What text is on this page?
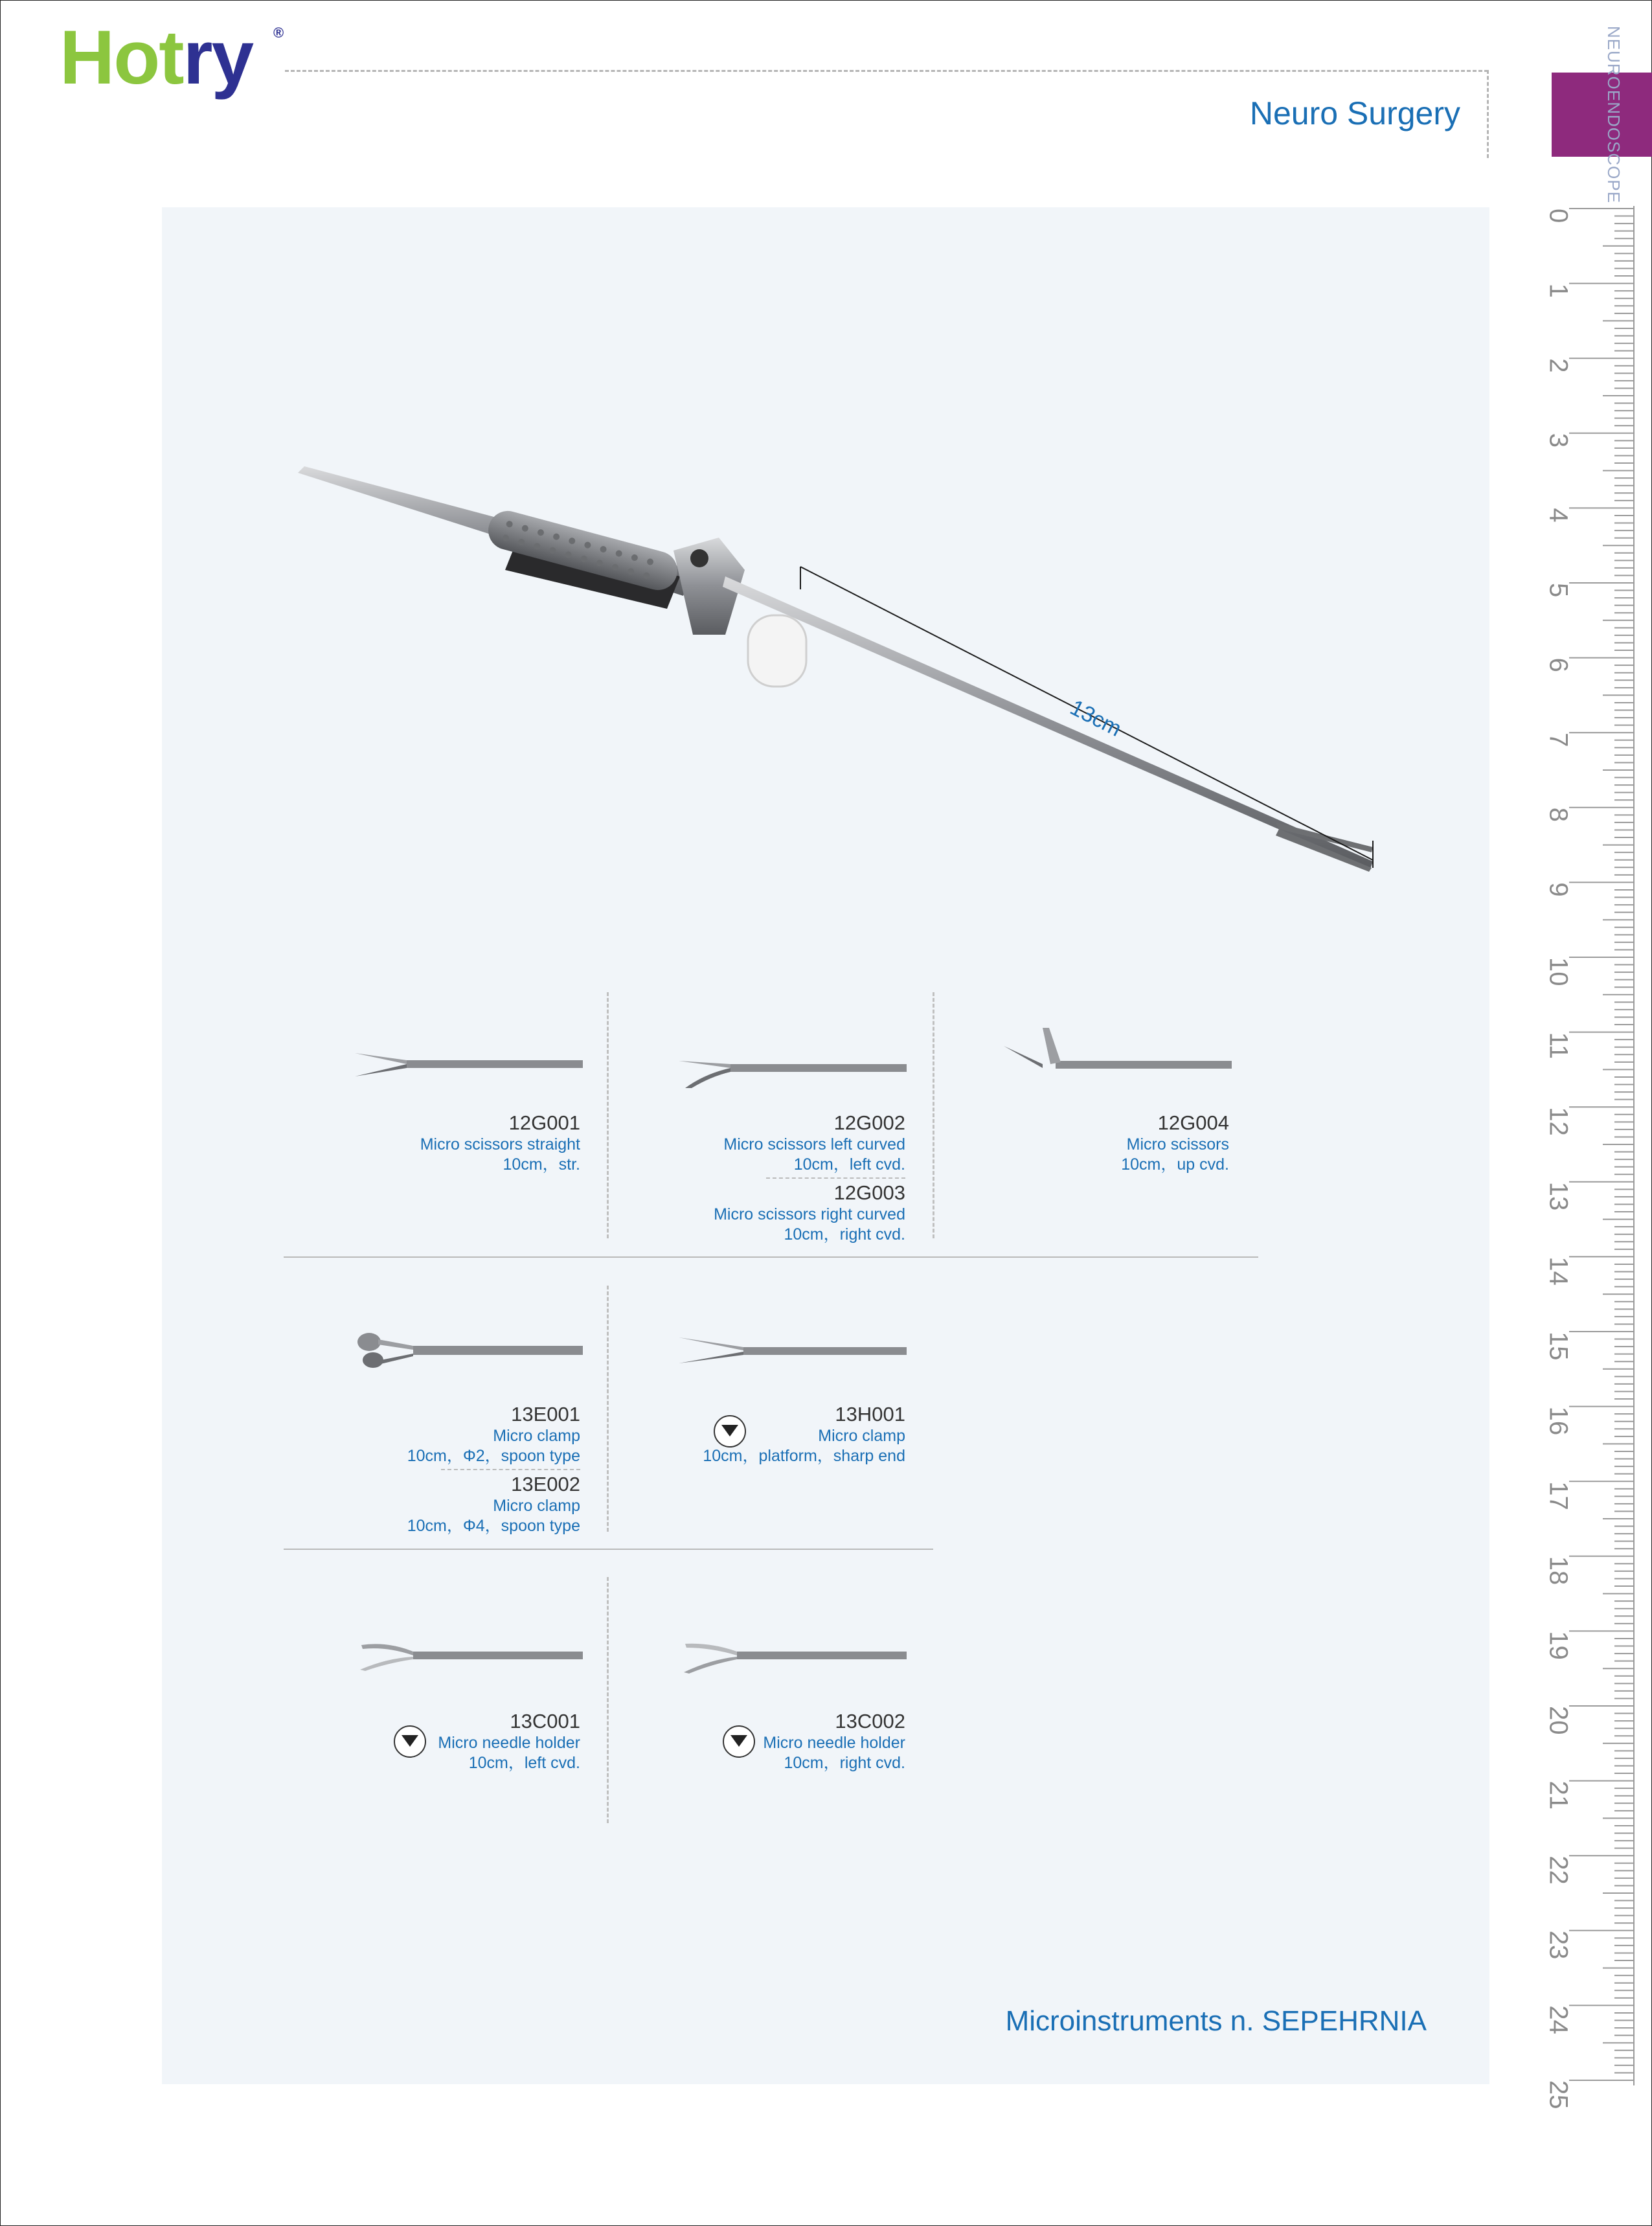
Hotry ®
Neuro Surgery	NEUROENDOSCOPE
0
1
2
3
4
5
6
7
8
9
10
11
12
13
14
15
16
17
18
19
20
21
22
23
24
25
13cm
12G001
Micro scissors straight
10cm，str.
12G002
Micro scissors left curved
10cm，left cvd.
12G003
Micro scissors right curved
10cm，right cvd.
12G004
Micro scissors
10cm，up cvd.
13E001
Micro clamp
10cm，Φ2，spoon type
13E002
Micro clamp
10cm，Φ4，spoon type
13H001
Micro clamp
10cm，platform，sharp end
13C001
Micro needle holder
10cm，left cvd.
13C002
Micro needle holder
10cm，right cvd.
Microinstruments n. SEPEHRNIA
